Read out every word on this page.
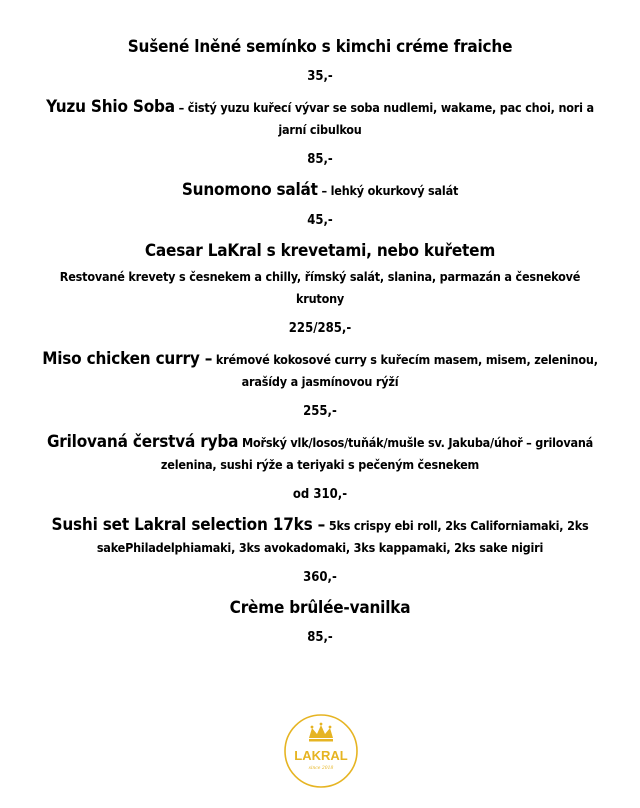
Sušené lněné semínko s kimchi créme fraiche
35,-
Yuzu Shio Soba – čistý yuzu kuřecí vývar se soba nudlemi, wakame, pac choi, nori a jarní cibulkou
85,-
Sunomono salát – lehký okurkový salát
45,-
Caesar LaKral s krevetami, nebo kuřetem
Restované krevety s česnekem a chilly, římský salát, slanina, parmazán a česnekové krutony
225/285,-
Miso chicken curry – krémové kokosové curry s kuřecím masem, misem, zeleninou, arašídy a jasmínovou rýží
255,-
Grilovaná čerstvá ryba Mořský vlk/losos/tuňák/mušle sv. Jakuba/úhoř – grilovaná zelenina, sushi rýže a teriyaki s pečeným česnekem
od 310,-
Sushi set Lakral selection 17ks – 5ks crispy ebi roll, 2ks Californiamaki, 2ks sakePhiladelphiamaki, 3ks avokadomaki, 3ks kappamaki, 2ks sake nigiri
360,-
Crème brûlée-vanilka
85,-
LAKRAL
since 2018
